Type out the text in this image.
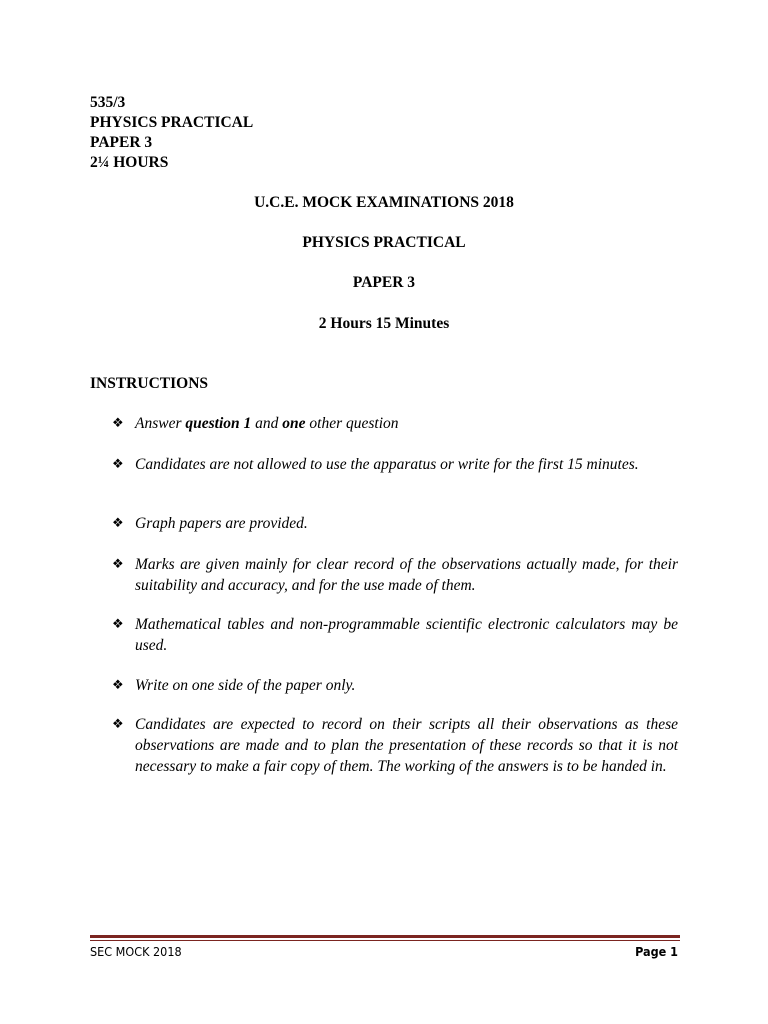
535/3
PHYSICS PRACTICAL
PAPER 3
2¼ HOURS
U.C.E. MOCK EXAMINATIONS 2018
PHYSICS PRACTICAL
PAPER 3
2 Hours 15 Minutes
INSTRUCTIONS
❖ Answer question 1 and one other question
❖ Candidates are not allowed to use the apparatus or write for the first 15 minutes.
❖ Graph papers are provided.
❖ Marks are given mainly for clear record of the observations actually made, for their suitability and accuracy, and for the use made of them.
❖ Mathematical tables and non-programmable scientific electronic calculators may be used.
❖ Write on one side of the paper only.
❖ Candidates are expected to record on their scripts all their observations as these observations are made and to plan the presentation of these records so that it is not necessary to make a fair copy of them. The working of the answers is to be handed in.
SEC MOCK 2018	Page 1
